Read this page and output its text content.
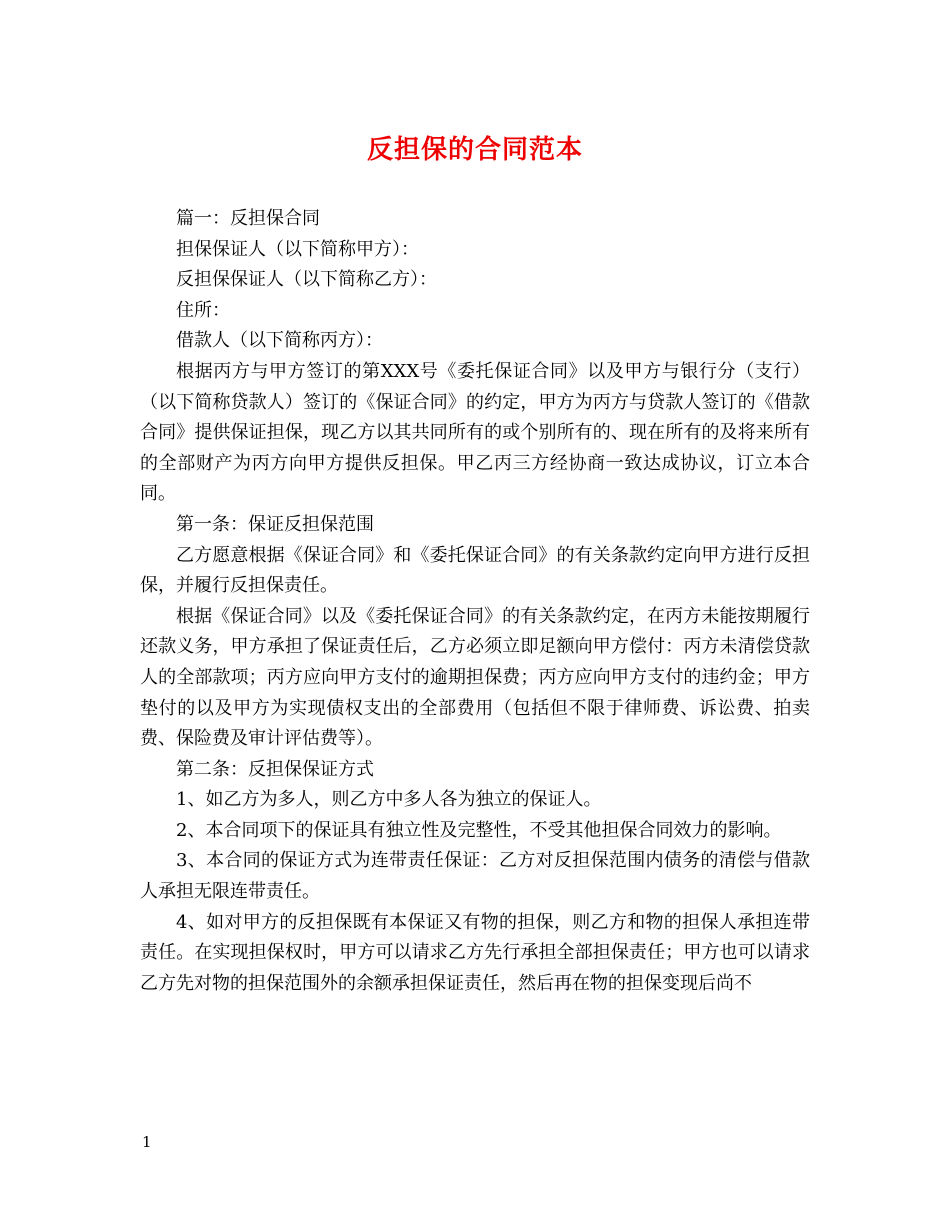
反担保的合同范本

篇一：反担保合同

担保保证人（以下简称甲方）：

反担保保证人（以下简称乙方）：

住所：

借款人（以下简称丙方）：

根据丙方与甲方签订的第XXX号《委托保证合同》以及甲方与银行分（支行）（以下简称贷款人）签订的《保证合同》的约定，甲方为丙方与贷款人签订的《借款合同》提供保证担保，现乙方以其共同所有的或个别所有的、现在所有的及将来所有的全部财产为丙方向甲方提供反担保。甲乙丙三方经协商一致达成协议，订立本合同。

第一条：保证反担保范围

乙方愿意根据《保证合同》和《委托保证合同》的有关条款约定向甲方进行反担保，并履行反担保责任。

根据《保证合同》以及《委托保证合同》的有关条款约定，在丙方未能按期履行还款义务，甲方承担了保证责任后，乙方必须立即足额向甲方偿付：丙方未清偿贷款人的全部款项；丙方应向甲方支付的逾期担保费；丙方应向甲方支付的违约金；甲方垫付的以及甲方为实现债权支出的全部费用（包括但不限于律师费、诉讼费、拍卖费、保险费及审计评估费等）。

第二条：反担保保证方式

1、如乙方为多人，则乙方中多人各为独立的保证人。

2、本合同项下的保证具有独立性及完整性，不受其他担保合同效力的影响。

3、本合同的保证方式为连带责任保证：乙方对反担保范围内债务的清偿与借款人承担无限连带责任。

4、如对甲方的反担保既有本保证又有物的担保，则乙方和物的担保人承担连带责任。在实现担保权时，甲方可以请求乙方先行承担全部担保责任；甲方也可以请求乙方先对物的担保范围外的余额承担保证责任，然后再在物的担保变现后尚不

1
